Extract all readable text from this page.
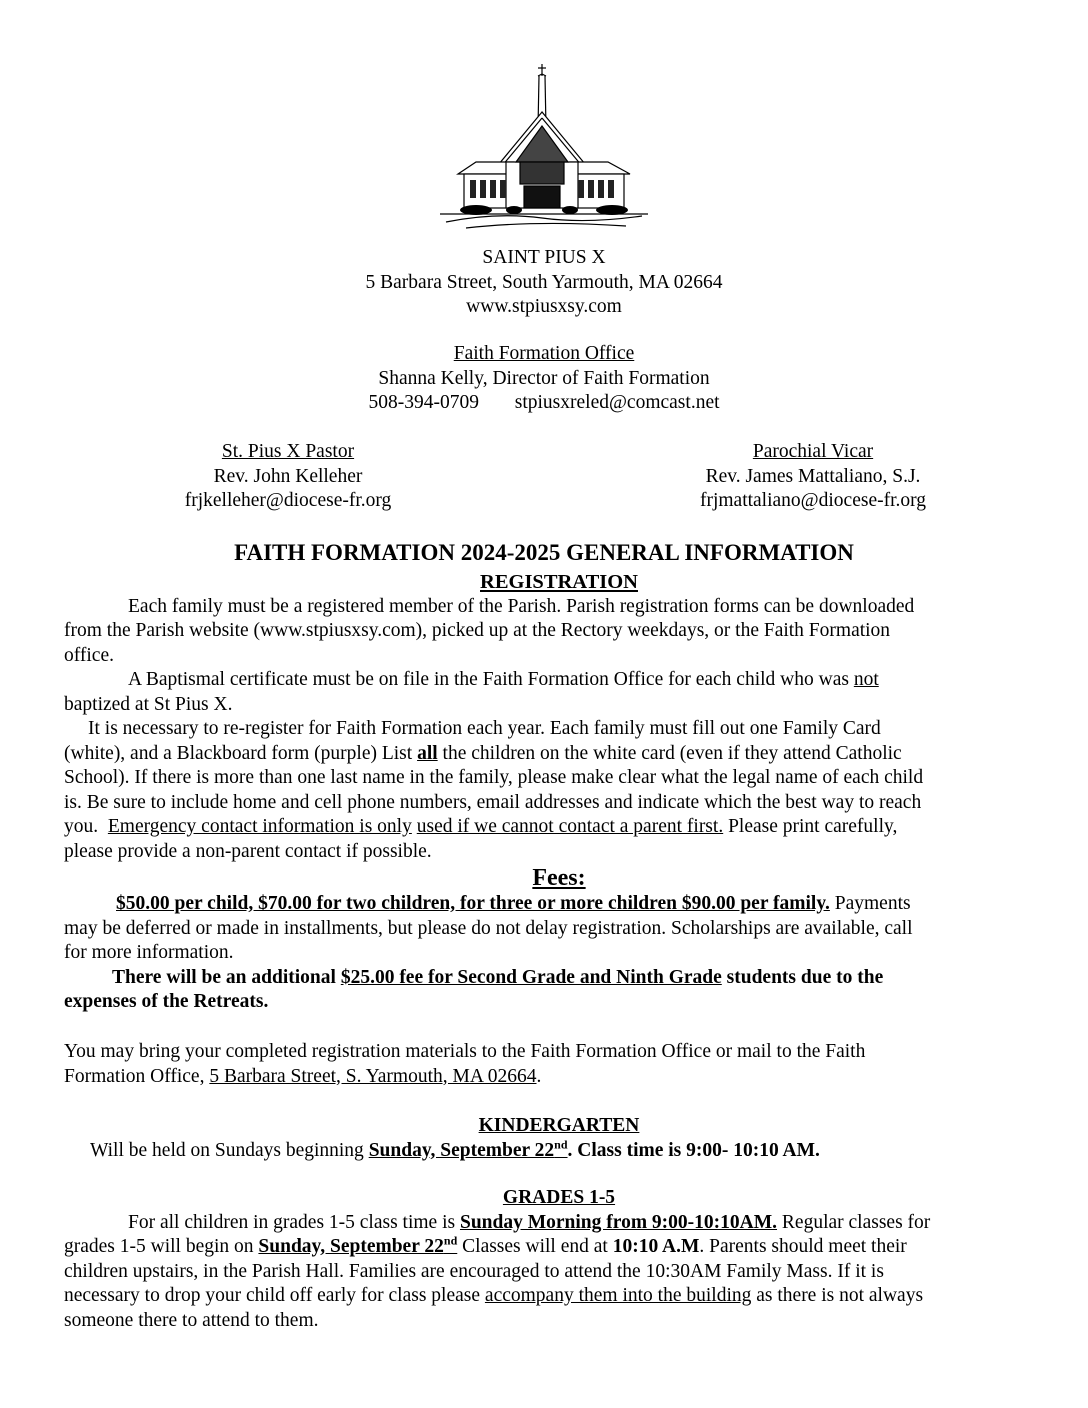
SAINT PIUS X
5 Barbara Street, South Yarmouth, MA 02664
www.stpiusxsy.com
Faith Formation Office
Shanna Kelly, Director of Faith Formation
508-394-0709 stpiusxreled@comcast.net
St. Pius X Pastor
Rev. John Kelleher
frjkelleher@diocese-fr.org
Parochial Vicar
Rev. James Mattaliano, S.J.
frjmattaliano@diocese-fr.org
FAITH FORMATION 2024-2025 GENERAL INFORMATION
REGISTRATION
Each family must be a registered member of the Parish. Parish registration forms can be downloaded
from the Parish website (www.stpiusxsy.com), picked up at the Rectory weekdays, or the Faith Formation
office.
A Baptismal certificate must be on file in the Faith Formation Office for each child who was not
baptized at St Pius X.
It is necessary to re-register for Faith Formation each year. Each family must fill out one Family Card
(white), and a Blackboard form (purple) List all the children on the white card (even if they attend Catholic
School). If there is more than one last name in the family, please make clear what the legal name of each child
is. Be sure to include home and cell phone numbers, email addresses and indicate which the best way to reach
you.  Emergency contact information is only used if we cannot contact a parent first. Please print carefully,
please provide a non-parent contact if possible.
Fees:
$50.00 per child, $70.00 for two children, for three or more children $90.00 per family. Payments
may be deferred or made in installments, but please do not delay registration. Scholarships are available, call
for more information.
There will be an additional $25.00 fee for Second Grade and Ninth Grade students due to the
expenses of the Retreats.
You may bring your completed registration materials to the Faith Formation Office or mail to the Faith
Formation Office, 5 Barbara Street, S. Yarmouth, MA 02664.
KINDERGARTEN
Will be held on Sundays beginning Sunday, September 22nd. Class time is 9:00- 10:10 AM.
GRADES 1-5
For all children in grades 1-5 class time is Sunday Morning from 9:00-10:10AM. Regular classes for
grades 1-5 will begin on Sunday, September 22nd Classes will end at 10:10 A.M. Parents should meet their
children upstairs, in the Parish Hall. Families are encouraged to attend the 10:30AM Family Mass. If it is
necessary to drop your child off early for class please accompany them into the building as there is not always
someone there to attend to them.
